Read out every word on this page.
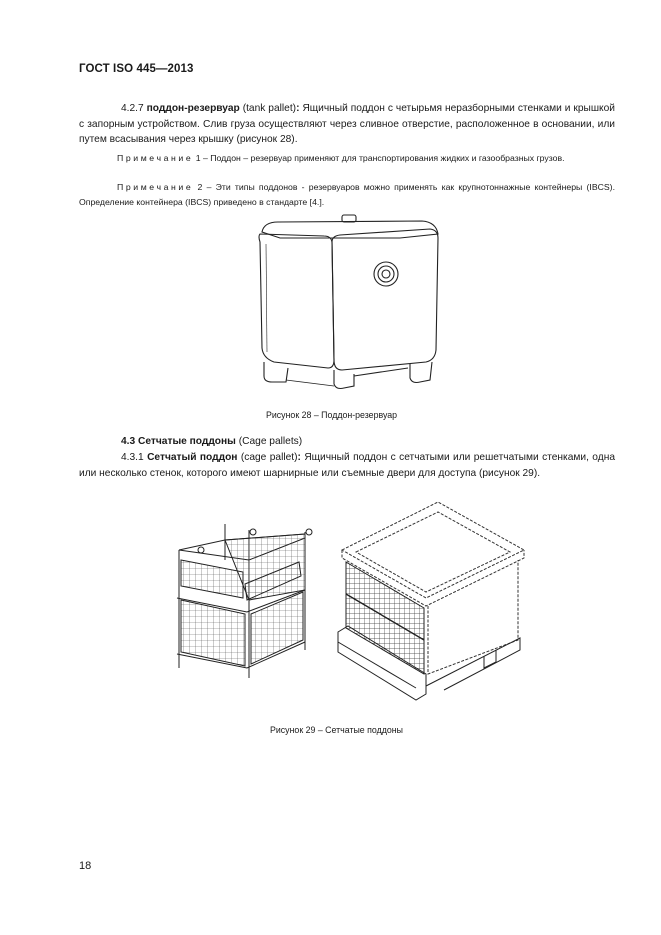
ГОСТ ISO 445—2013
4.2.7 поддон-резервуар (tank pallet): Ящичный поддон с четырьмя неразборными стенками и крышкой с запорным устройством. Слив груза осуществляют через сливное отверстие, расположенное в основании, или путем всасывания через крышку (рисунок 28).
Примечание 1 – Поддон – резервуар применяют для транспортирования жидких и газообразных грузов.
Примечание 2 – Эти типы поддонов - резервуаров можно применять как крупнотоннажные контейнеры (IBCS). Определение контейнера (IBCS) приведено в стандарте [4.].
Рисунок 28 – Поддон-резервуар
4.3 Сетчатые поддоны (Cage pallets)
4.3.1 Сетчатый поддон (cage pallet): Ящичный поддон с сетчатыми или решетчатыми стенками, одна или несколько стенок, которого имеют шарнирные или съемные двери для доступа (рисунок 29).
Рисунок 29 – Сетчатые поддоны
18
